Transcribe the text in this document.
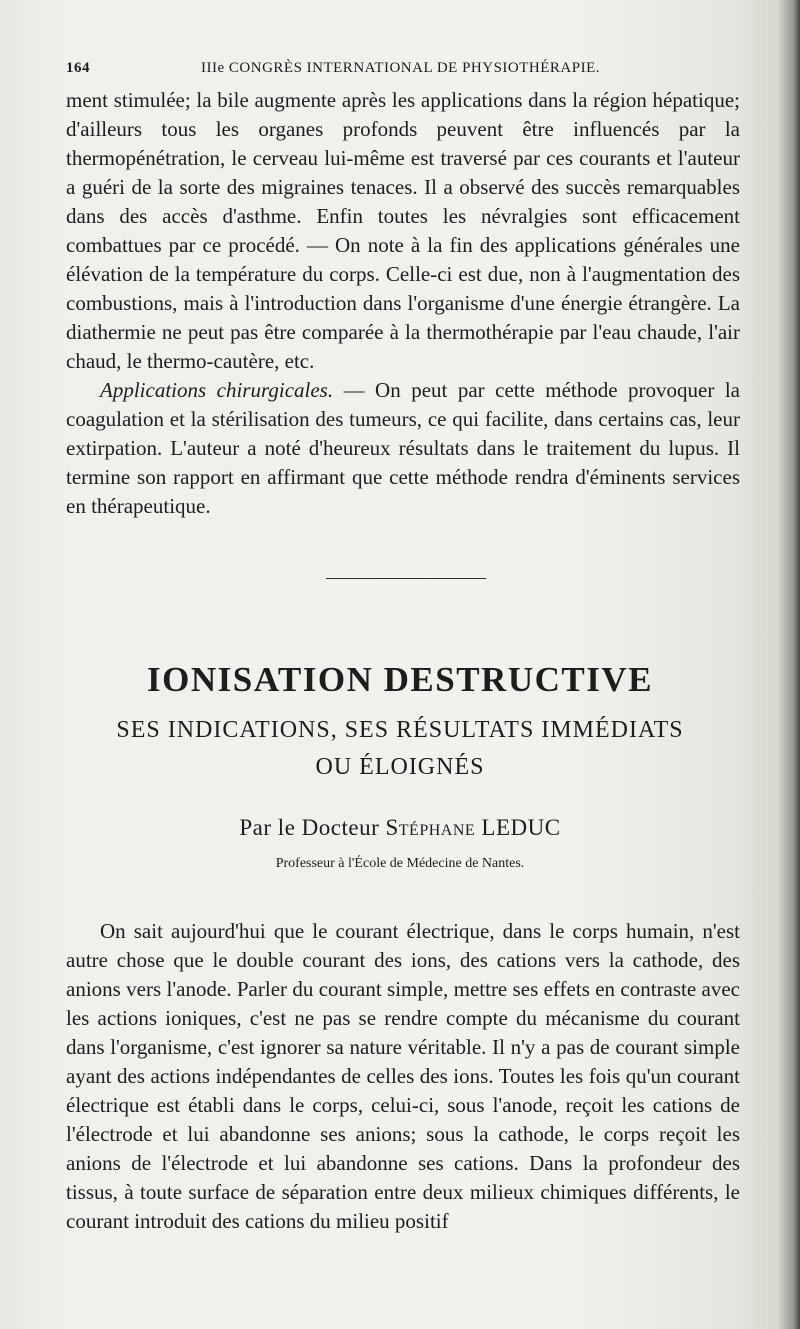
164	IIIe CONGRÈS INTERNATIONAL DE PHYSIOTHÉRAPIE.

ment stimulée; la bile augmente après les applications dans la région hépatique; d'ailleurs tous les organes profonds peuvent être influencés par la thermopénétration, le cerveau lui-même est traversé par ces courants et l'auteur a guéri de la sorte des migraines tenaces. Il a observé des succès remarquables dans des accès d'asthme. Enfin toutes les névralgies sont efficacement combattues par ce procédé. — On note à la fin des applications générales une élévation de la température du corps. Celle-ci est due, non à l'augmentation des combustions, mais à l'introduction dans l'organisme d'une énergie étrangère. La diathermie ne peut pas être comparée à la thermothérapie par l'eau chaude, l'air chaud, le thermo-cautère, etc.

Applications chirurgicales. — On peut par cette méthode provoquer la coagulation et la stérilisation des tumeurs, ce qui facilite, dans certains cas, leur extirpation. L'auteur a noté d'heureux résultats dans le traitement du lupus. Il termine son rapport en affirmant que cette méthode rendra d'éminents services en thérapeutique.

IONISATION DESTRUCTIVE
SES INDICATIONS, SES RÉSULTATS IMMÉDIATS
OU ÉLOIGNÉS
Par le Docteur Stéphane LEDUC
Professeur à l'École de Médecine de Nantes.

On sait aujourd'hui que le courant électrique, dans le corps humain, n'est autre chose que le double courant des ions, des cations vers la cathode, des anions vers l'anode. Parler du courant simple, mettre ses effets en contraste avec les actions ioniques, c'est ne pas se rendre compte du mécanisme du courant dans l'organisme, c'est ignorer sa nature véritable. Il n'y a pas de courant simple ayant des actions indépendantes de celles des ions. Toutes les fois qu'un courant électrique est établi dans le corps, celui-ci, sous l'anode, reçoit les cations de l'électrode et lui abandonne ses anions; sous la cathode, le corps reçoit les anions de l'électrode et lui abandonne ses cations. Dans la profondeur des tissus, à toute surface de séparation entre deux milieux chimiques différents, le courant introduit des cations du milieu positif
